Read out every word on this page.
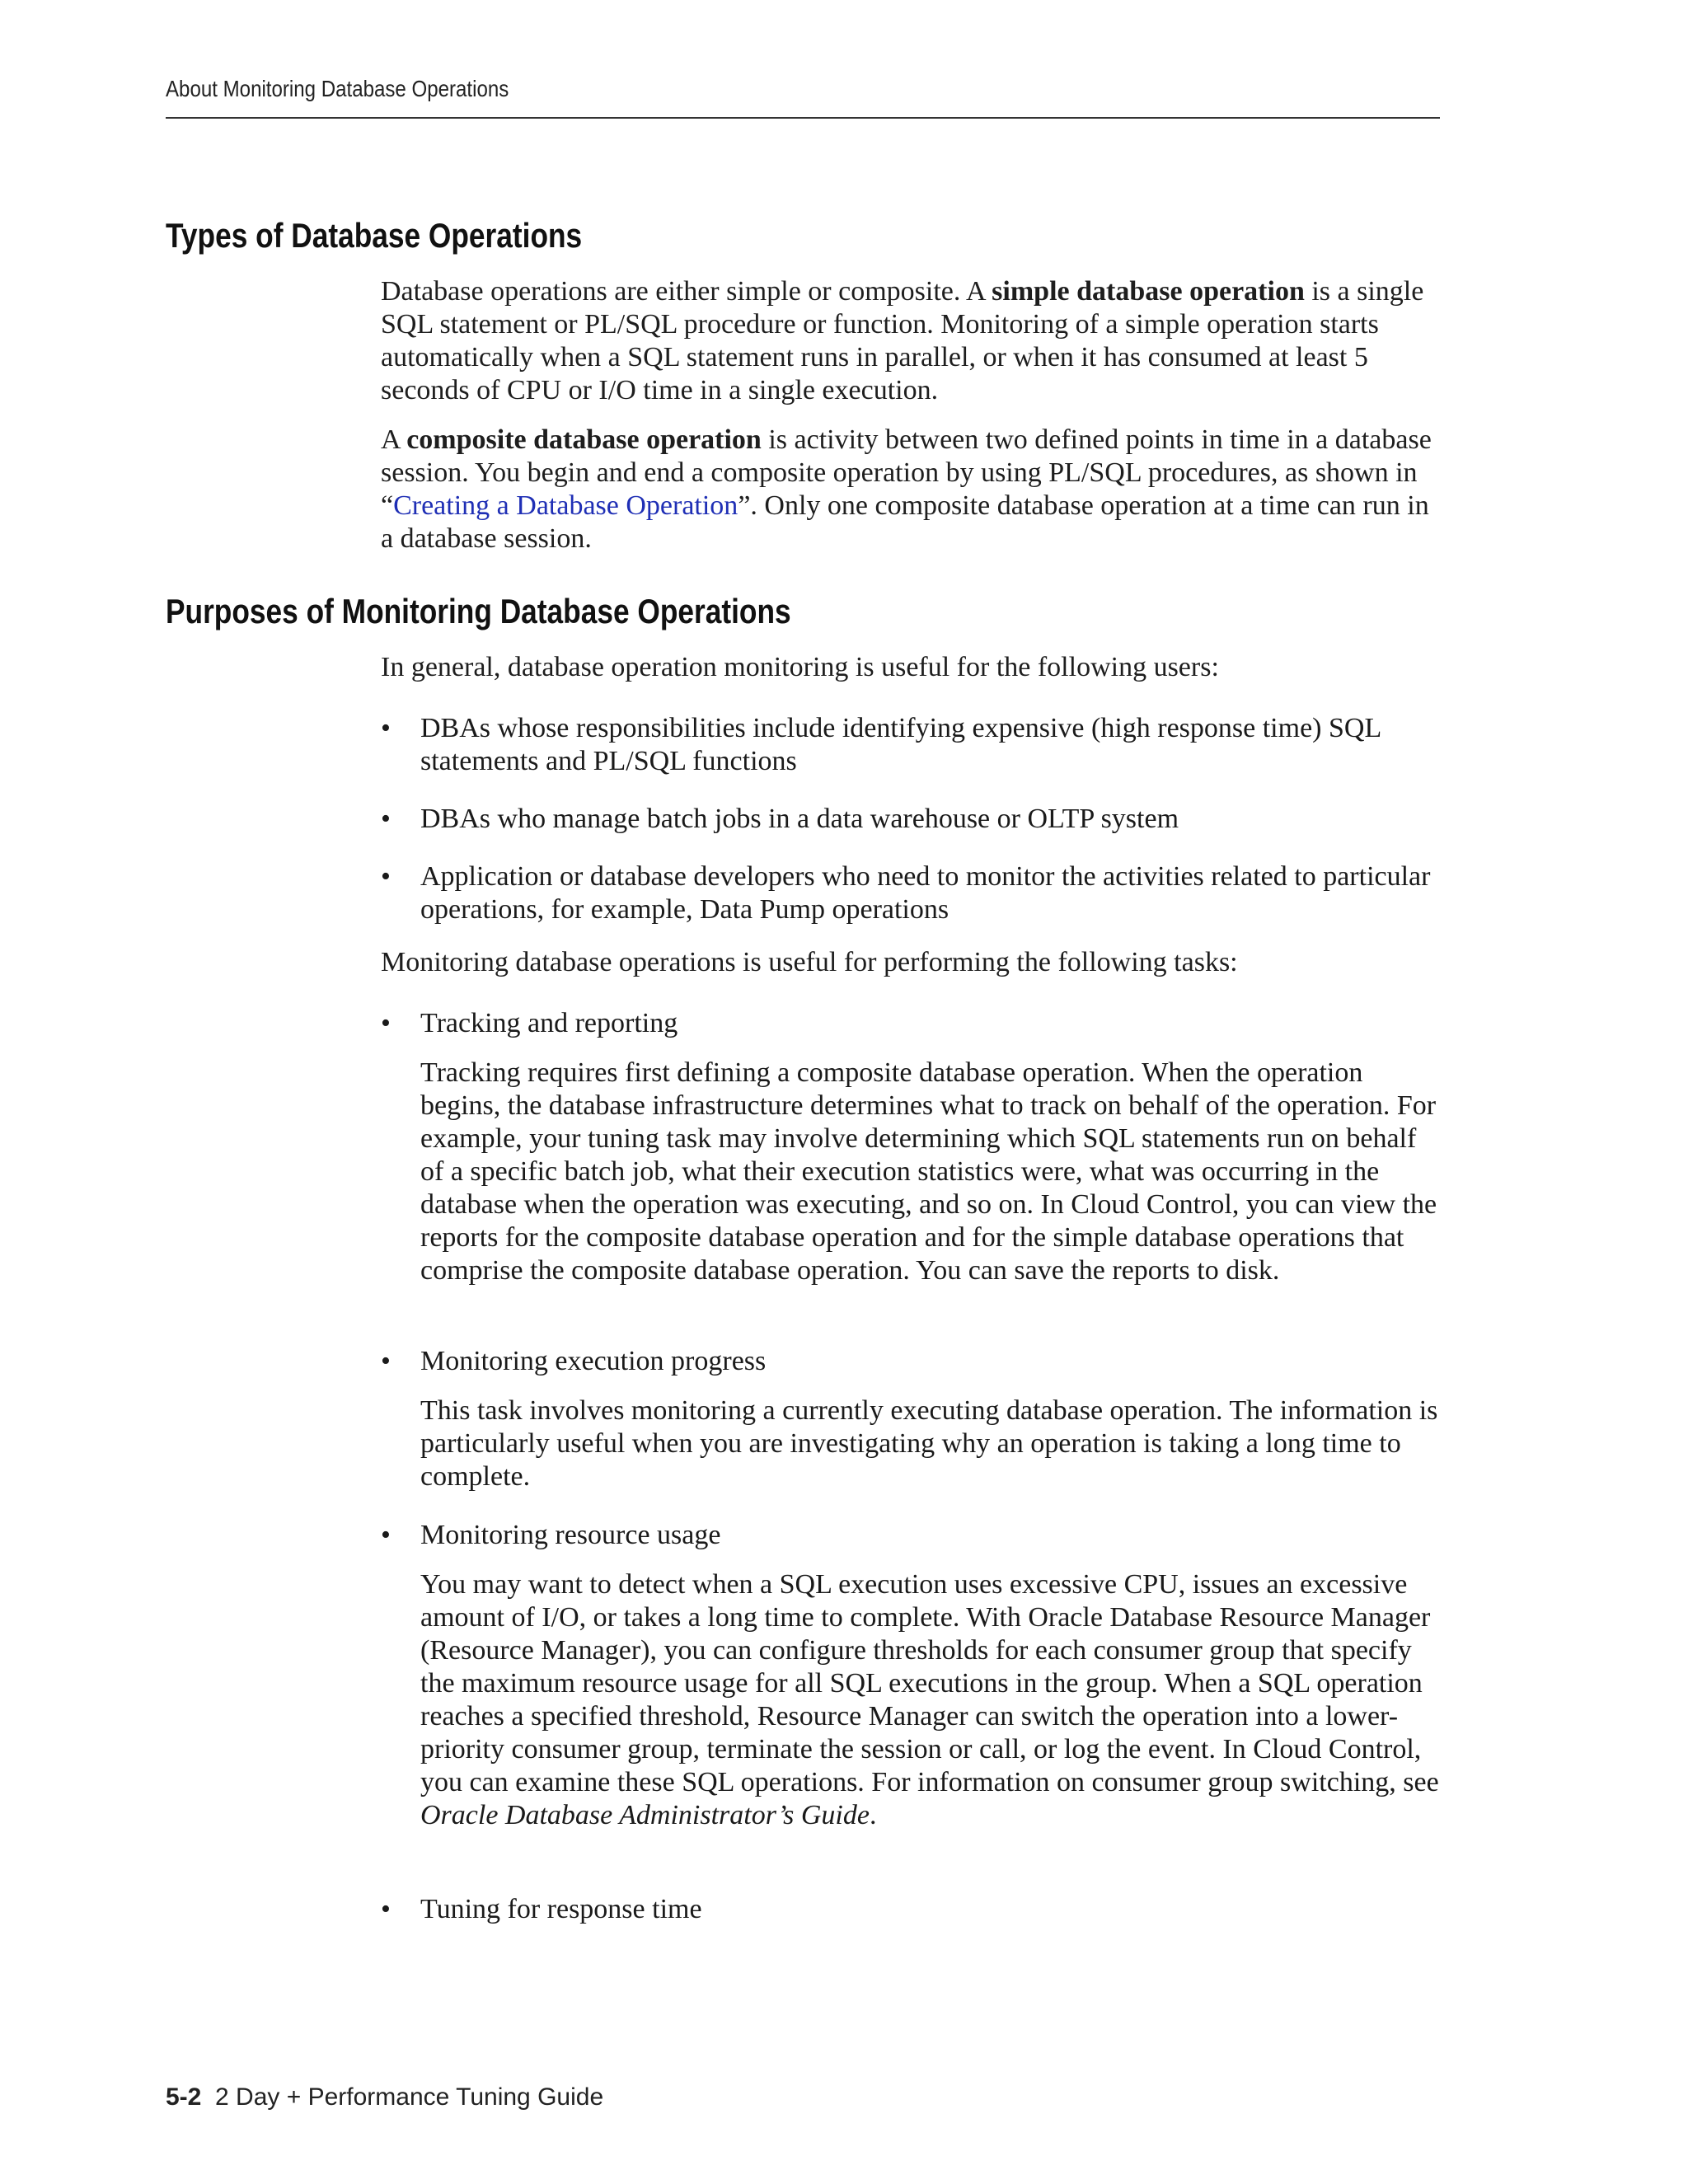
About Monitoring Database Operations
Types of Database Operations

Database operations are either simple or composite. A simple database operation is a single SQL statement or PL/SQL procedure or function. Monitoring of a simple operation starts automatically when a SQL statement runs in parallel, or when it has consumed at least 5 seconds of CPU or I/O time in a single execution.

A composite database operation is activity between two defined points in time in a database session. You begin and end a composite operation by using PL/SQL procedures, as shown in “Creating a Database Operation”. Only one composite database operation at a time can run in a database session.

Purposes of Monitoring Database Operations
In general, database operation monitoring is useful for the following users:
• DBAs whose responsibilities include identifying expensive (high response time) SQL statements and PL/SQL functions
• DBAs who manage batch jobs in a data warehouse or OLTP system
• Application or database developers who need to monitor the activities related to particular operations, for example, Data Pump operations
Monitoring database operations is useful for performing the following tasks:
• Tracking and reporting
Tracking requires first defining a composite database operation. When the operation begins, the database infrastructure determines what to track on behalf of the operation. For example, your tuning task may involve determining which SQL statements run on behalf of a specific batch job, what their execution statistics were, what was occurring in the database when the operation was executing, and so on. In Cloud Control, you can view the reports for the composite database operation and for the simple database operations that comprise the composite database operation. You can save the reports to disk.
• Monitoring execution progress
This task involves monitoring a currently executing database operation. The information is particularly useful when you are investigating why an operation is taking a long time to complete.
• Monitoring resource usage
You may want to detect when a SQL execution uses excessive CPU, issues an excessive amount of I/O, or takes a long time to complete. With Oracle Database Resource Manager (Resource Manager), you can configure thresholds for each consumer group that specify the maximum resource usage for all SQL executions in the group. When a SQL operation reaches a specified threshold, Resource Manager can switch the operation into a lower-priority consumer group, terminate the session or call, or log the event. In Cloud Control, you can examine these SQL operations. For information on consumer group switching, see Oracle Database Administrator’s Guide.
• Tuning for response time
5-2 2 Day + Performance Tuning Guide
